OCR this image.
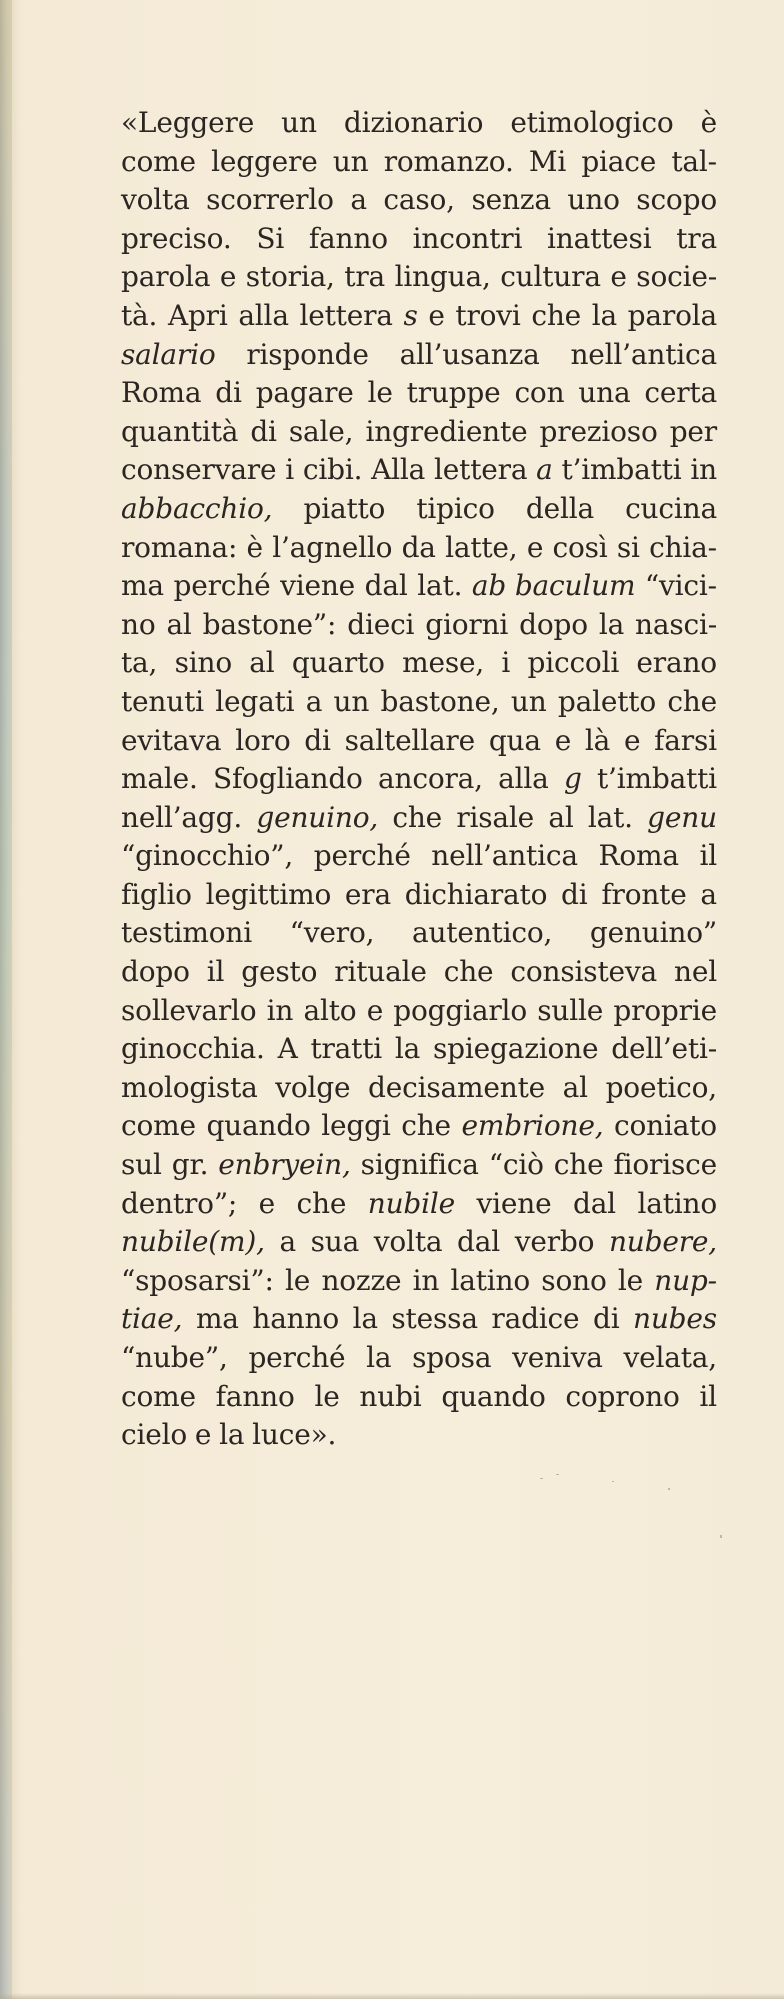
«Leggere un dizionario etimologico è
come leggere un romanzo. Mi piace tal-
volta scorrerlo a caso, senza uno scopo
preciso. Si fanno incontri inattesi tra
parola e storia, tra lingua, cultura e socie-
tà. Apri alla lettera s e trovi che la parola
salario risponde all’usanza nell’antica
Roma di pagare le truppe con una certa
quantità di sale, ingrediente prezioso per
conservare i cibi. Alla lettera a t’imbatti in
abbacchio, piatto tipico della cucina
romana: è l’agnello da latte, e così si chia-
ma perché viene dal lat. ab baculum “vici-
no al bastone”: dieci giorni dopo la nasci-
ta, sino al quarto mese, i piccoli erano
tenuti legati a un bastone, un paletto che
evitava loro di saltellare qua e là e farsi
male. Sfogliando ancora, alla g t’imbatti
nell’agg. genuino, che risale al lat. genu
“ginocchio”, perché nell’antica Roma il
figlio legittimo era dichiarato di fronte a
testimoni “vero, autentico, genuino”
dopo il gesto rituale che consisteva nel
sollevarlo in alto e poggiarlo sulle proprie
ginocchia. A tratti la spiegazione dell’eti-
mologista volge decisamente al poetico,
come quando leggi che embrione, coniato
sul gr. enbryein, significa “ciò che fiorisce
dentro”; e che nubile viene dal latino
nubile(m), a sua volta dal verbo nubere,
“sposarsi”: le nozze in latino sono le nup-
tiae, ma hanno la stessa radice di nubes
“nube”, perché la sposa veniva velata,
come fanno le nubi quando coprono il
cielo e la luce».
